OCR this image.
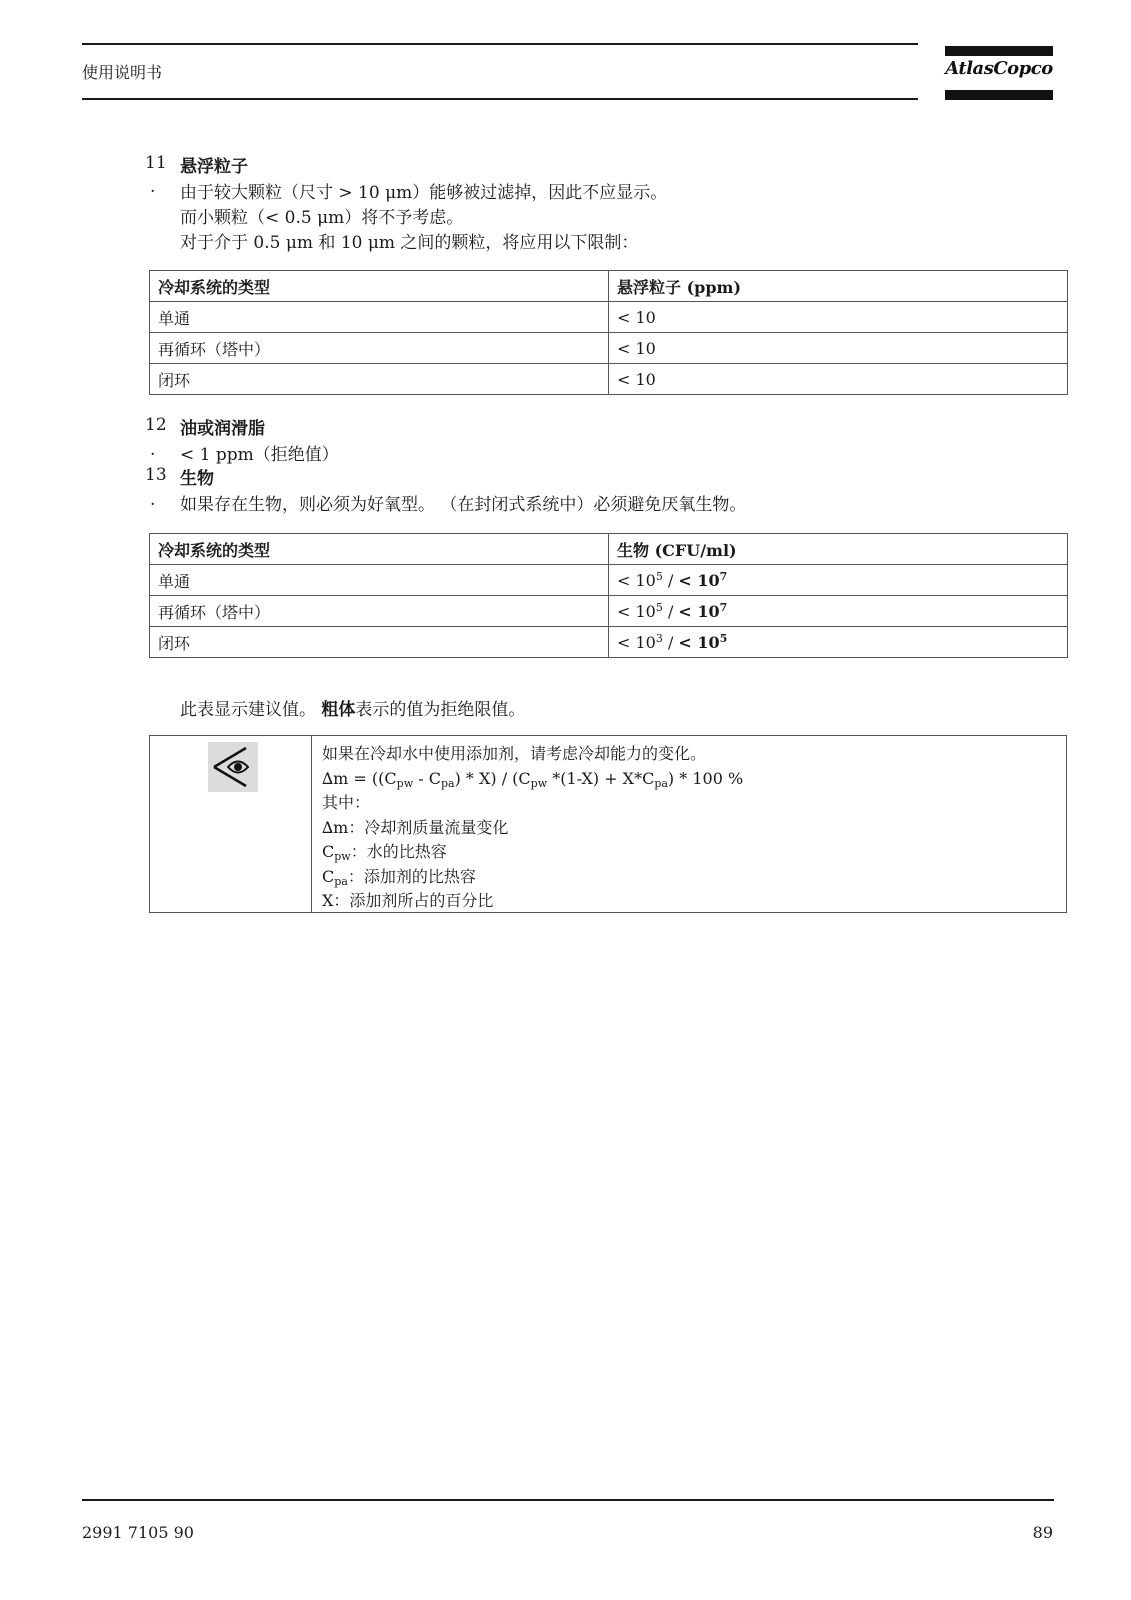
使用说明书	AtlasCopco
11 悬浮粒子
. 由于较大颗粒（尺寸 > 10 μm）能够被过滤掉，因此不应显示。
而小颗粒（< 0.5 μm）将不予考虑。
对于介于 0.5 μm 和 10 μm 之间的颗粒，将应用以下限制：
冷却系统的类型	悬浮粒子 (ppm)
单通	< 10
再循环（塔中）	< 10
闭环	< 10
12 油或润滑脂
. < 1 ppm（拒绝值）
13 生物
. 如果存在生物，则必须为好氧型。 （在封闭式系统中）必须避免厌氧生物。
冷却系统的类型	生物 (CFU/ml)
单通	< $10^5$ / < $10^7$
再循环（塔中）	< $10^5$ / < $10^7$
闭环	< $10^3$ / < $10^5$
此表显示建议值。 粗体表示的值为拒绝限值。
如果在冷却水中使用添加剂，请考虑冷却能力的变化。
$\Delta m = ((C_{pw} - C_{pa}) * X) / (C_{pw}$ $*(1-X) + X*C_{pa}) * 100$ %
其中：
∆m：冷却剂质量流量变化
$C_{pw}$：水的比热容
$C_{pa}$：添加剂的比热容
X：添加剂所占的百分比
2991 7105 90	89
